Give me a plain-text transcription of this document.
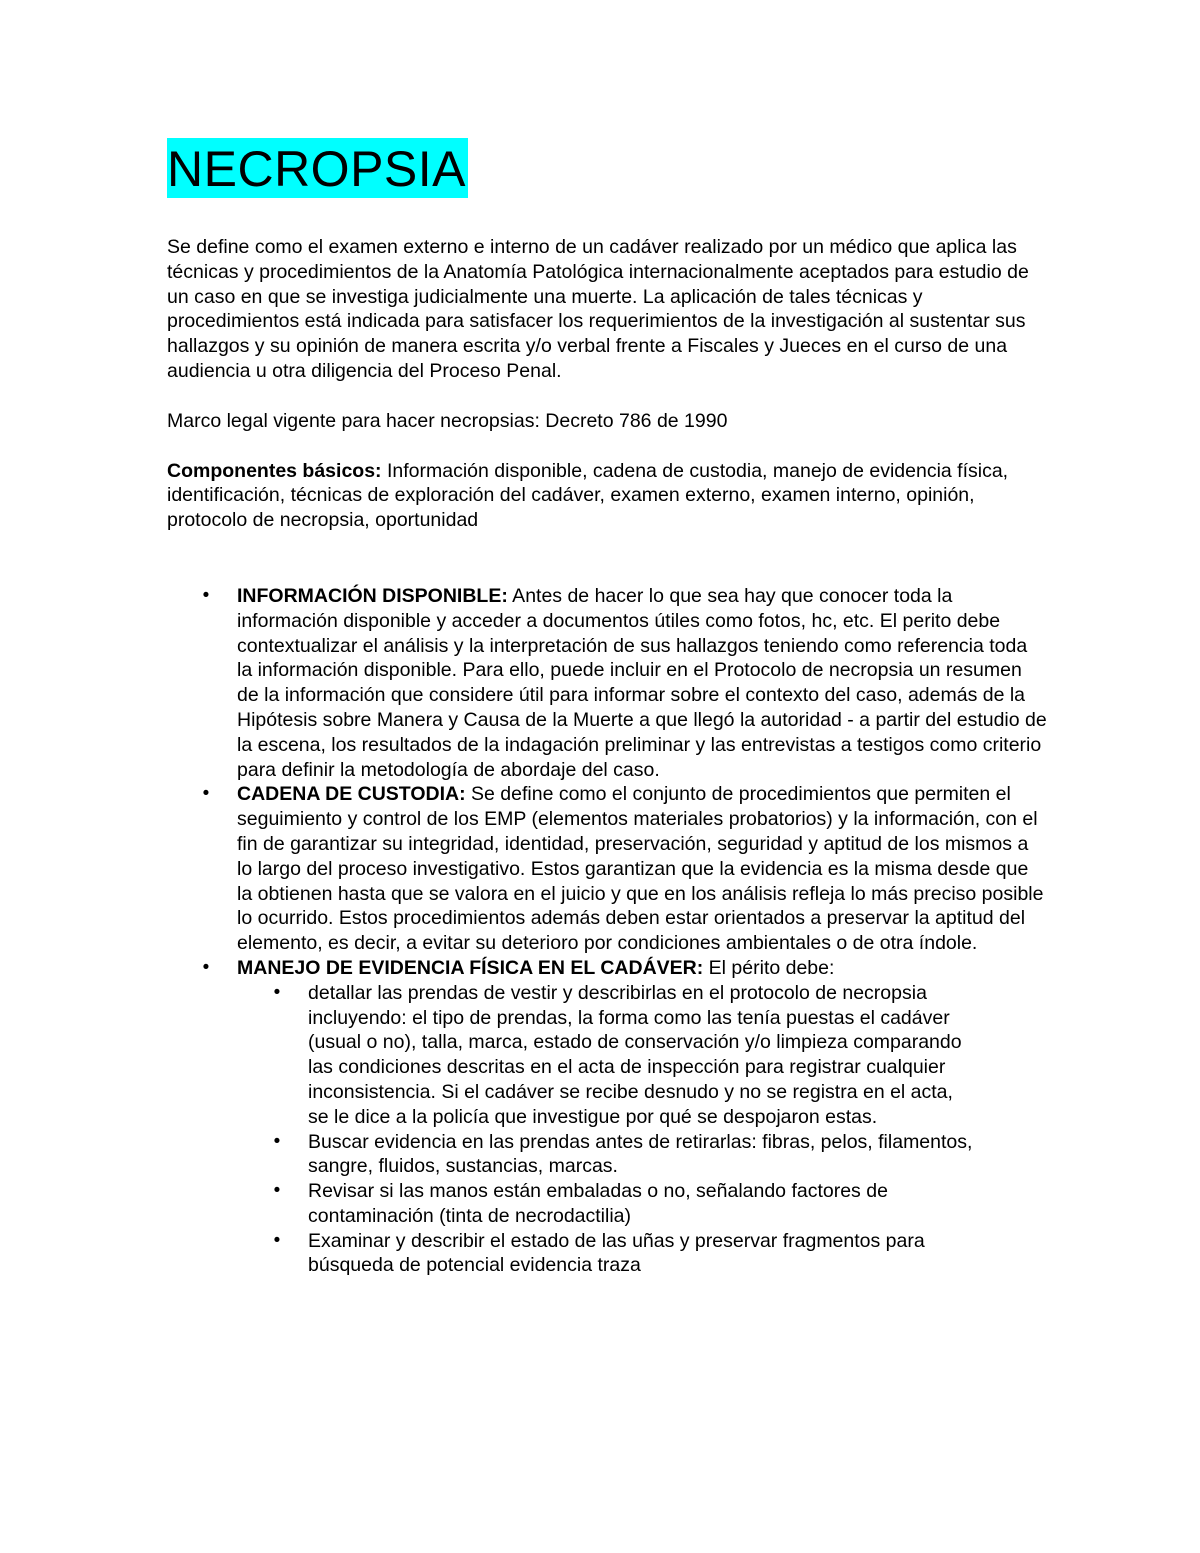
NECROPSIA

Se define como el examen externo e interno de un cadáver realizado por un médico que aplica las técnicas y procedimientos de la Anatomía Patológica internacionalmente aceptados para estudio de un caso en que se investiga judicialmente una muerte. La aplicación de tales técnicas y procedimientos está indicada para satisfacer los requerimientos de la investigación al sustentar sus hallazgos y su opinión de manera escrita y/o verbal frente a Fiscales y Jueces en el curso de una audiencia u otra diligencia del Proceso Penal.

Marco legal vigente para hacer necropsias: Decreto 786 de 1990

Componentes básicos: Información disponible, cadena de custodia, manejo de evidencia física, identificación, técnicas de exploración del cadáver, examen externo, examen interno, opinión, protocolo de necropsia, oportunidad

• INFORMACIÓN DISPONIBLE: Antes de hacer lo que sea hay que conocer toda la información disponible y acceder a documentos útiles como fotos, hc, etc. El perito debe contextualizar el análisis y la interpretación de sus hallazgos teniendo como referencia toda la información disponible. Para ello, puede incluir en el Protocolo de necropsia un resumen de la información que considere útil para informar sobre el contexto del caso, además de la Hipótesis sobre Manera y Causa de la Muerte a que llegó la autoridad - a partir del estudio de la escena, los resultados de la indagación preliminar y las entrevistas a testigos como criterio para definir la metodología de abordaje del caso.
• CADENA DE CUSTODIA: Se define como el conjunto de procedimientos que permiten el seguimiento y control de los EMP (elementos materiales probatorios) y la información, con el fin de garantizar su integridad, identidad, preservación, seguridad y aptitud de los mismos a lo largo del proceso investigativo. Estos garantizan que la evidencia es la misma desde que la obtienen hasta que se valora en el juicio y que en los análisis refleja lo más preciso posible lo ocurrido. Estos procedimientos además deben estar orientados a preservar la aptitud del elemento, es decir, a evitar su deterioro por condiciones ambientales o de otra índole.
• MANEJO DE EVIDENCIA FÍSICA EN EL CADÁVER: El périto debe:
• detallar las prendas de vestir y describirlas en el protocolo de necropsia incluyendo: el tipo de prendas, la forma como las tenía puestas el cadáver (usual o no), talla, marca, estado de conservación y/o limpieza comparando las condiciones descritas en el acta de inspección para registrar cualquier inconsistencia. Si el cadáver se recibe desnudo y no se registra en el acta, se le dice a la policía que investigue por qué se despojaron estas.
• Buscar evidencia en las prendas antes de retirarlas: fibras, pelos, filamentos, sangre, fluidos, sustancias, marcas.
• Revisar si las manos están embaladas o no, señalando factores de contaminación (tinta de necrodactilia)
• Examinar y describir el estado de las uñas y preservar fragmentos para búsqueda de potencial evidencia traza
